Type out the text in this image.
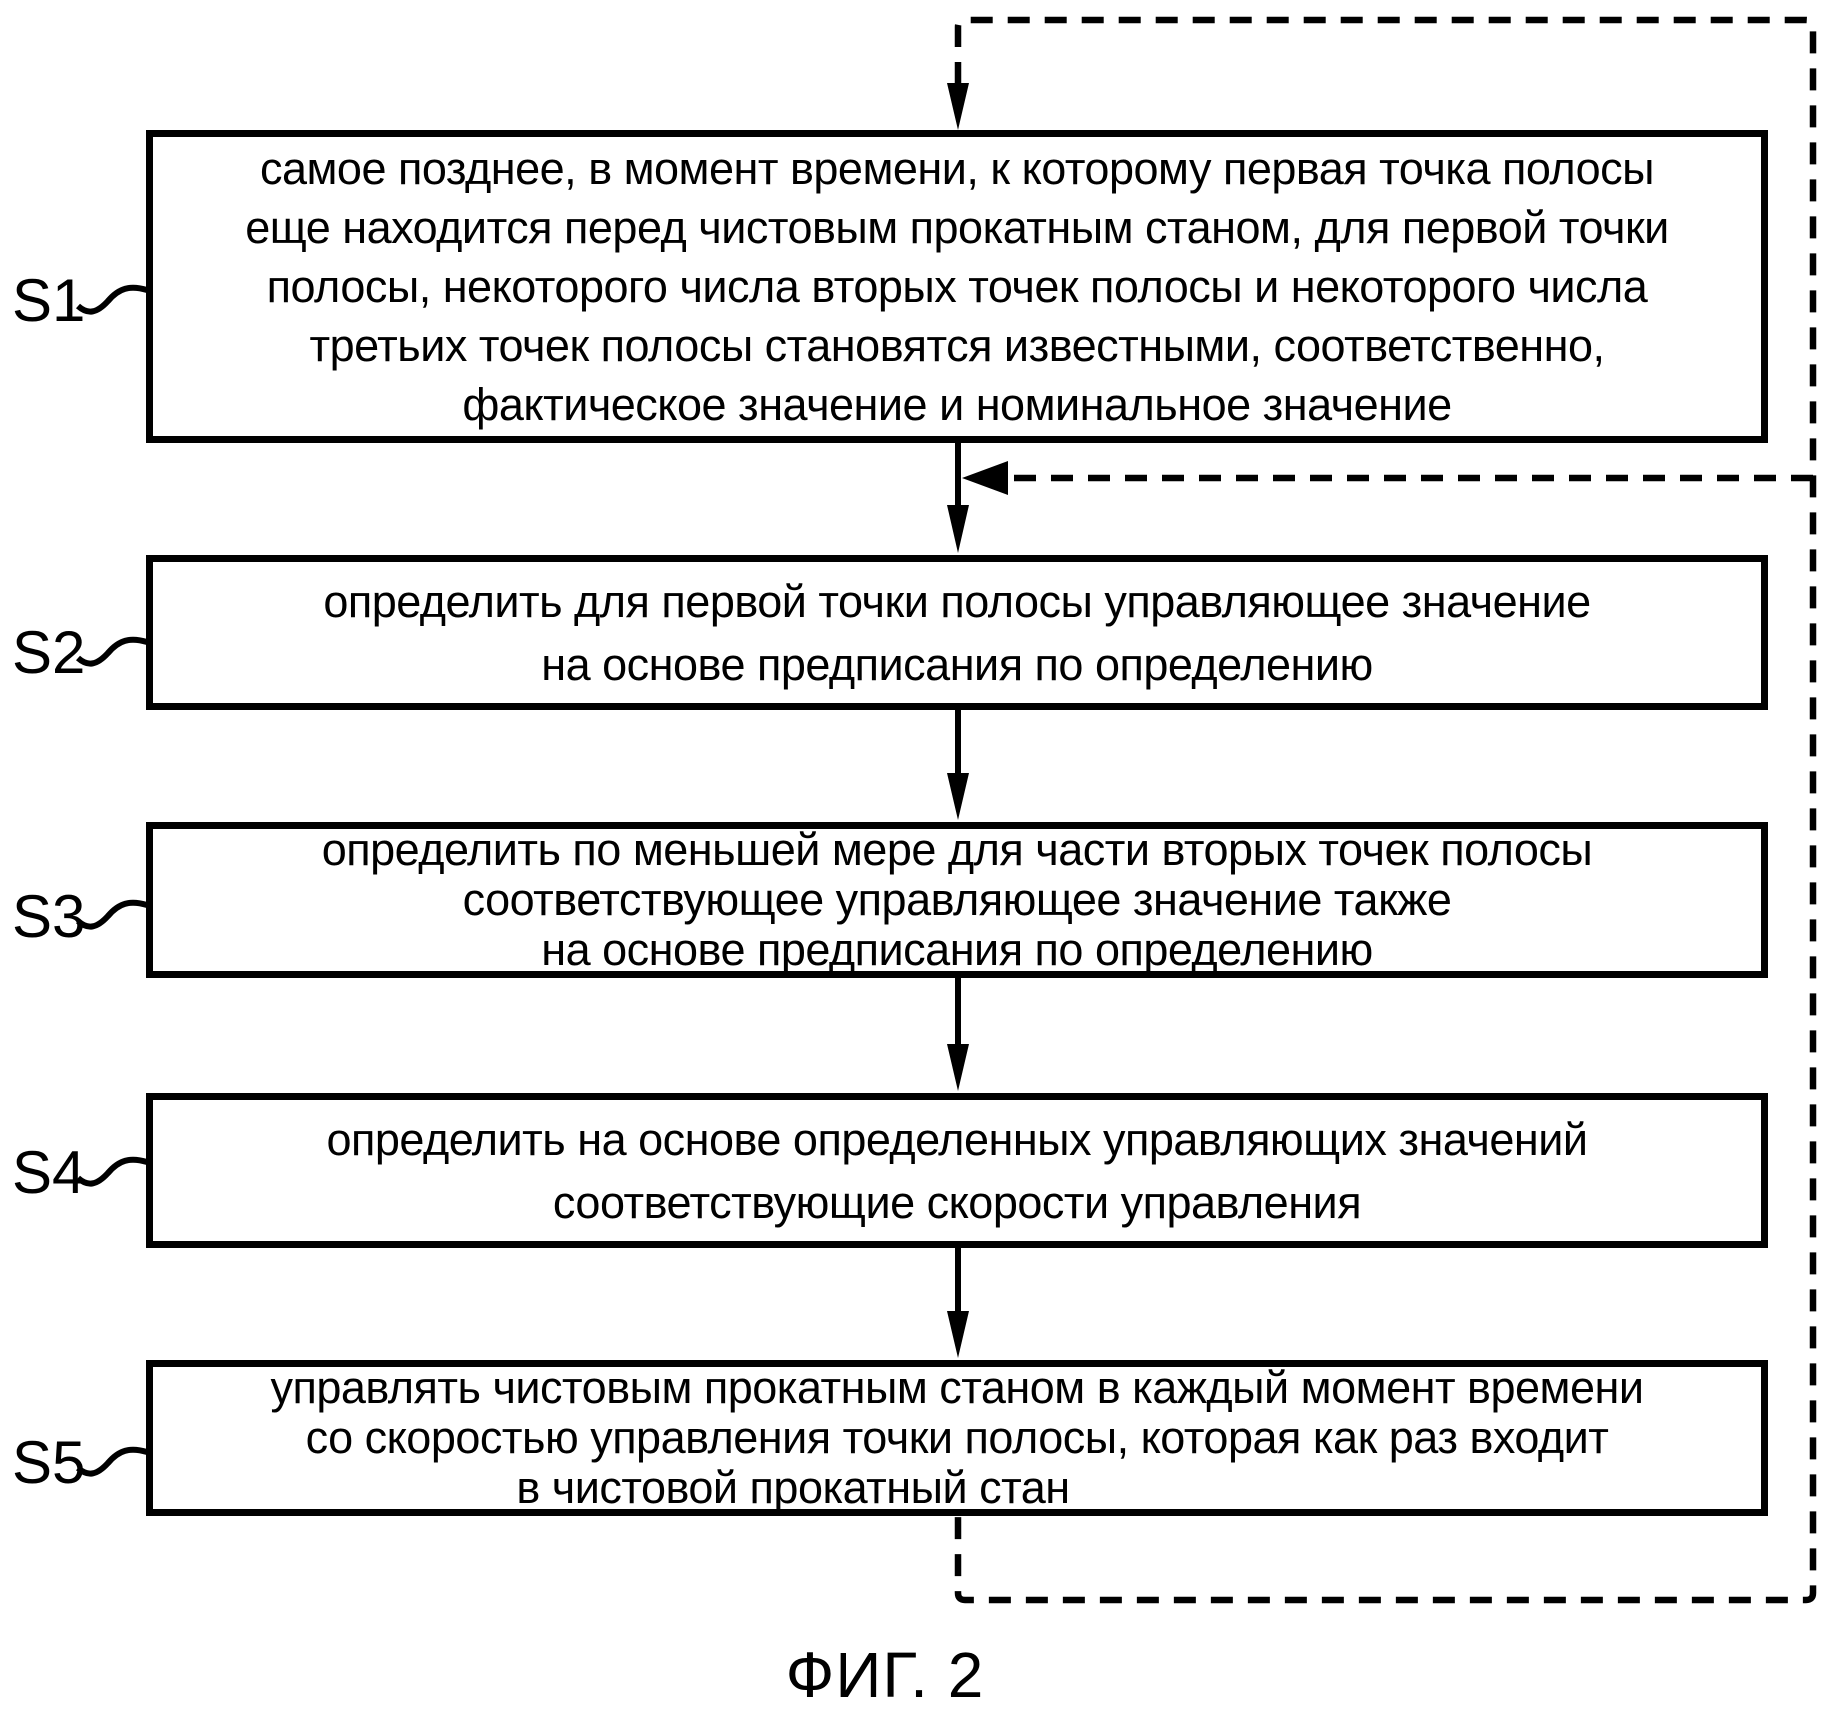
S1
S2
S3
S4
S5
самое позднее, в момент времени, к которому первая точка полосы
еще находится перед чистовым прокатным станом, для первой точки
полосы, некоторого числа вторых точек полосы и некоторого числа
третьих точек полосы становятся известными, соответственно,
фактическое значение и номинальное значение
определить для первой точки полосы управляющее значение
на основе предписания по определению
определить по меньшей мере для части вторых точек полосы
соответствующее управляющее значение также
на основе предписания по определению
определить на основе определенных управляющих значений
соответствующие скорости управления
управлять чистовым прокатным станом в каждый момент времени
со скоростью управления точки полосы, которая как раз входит
в чистовой прокатный стан
ФИГ. 2
